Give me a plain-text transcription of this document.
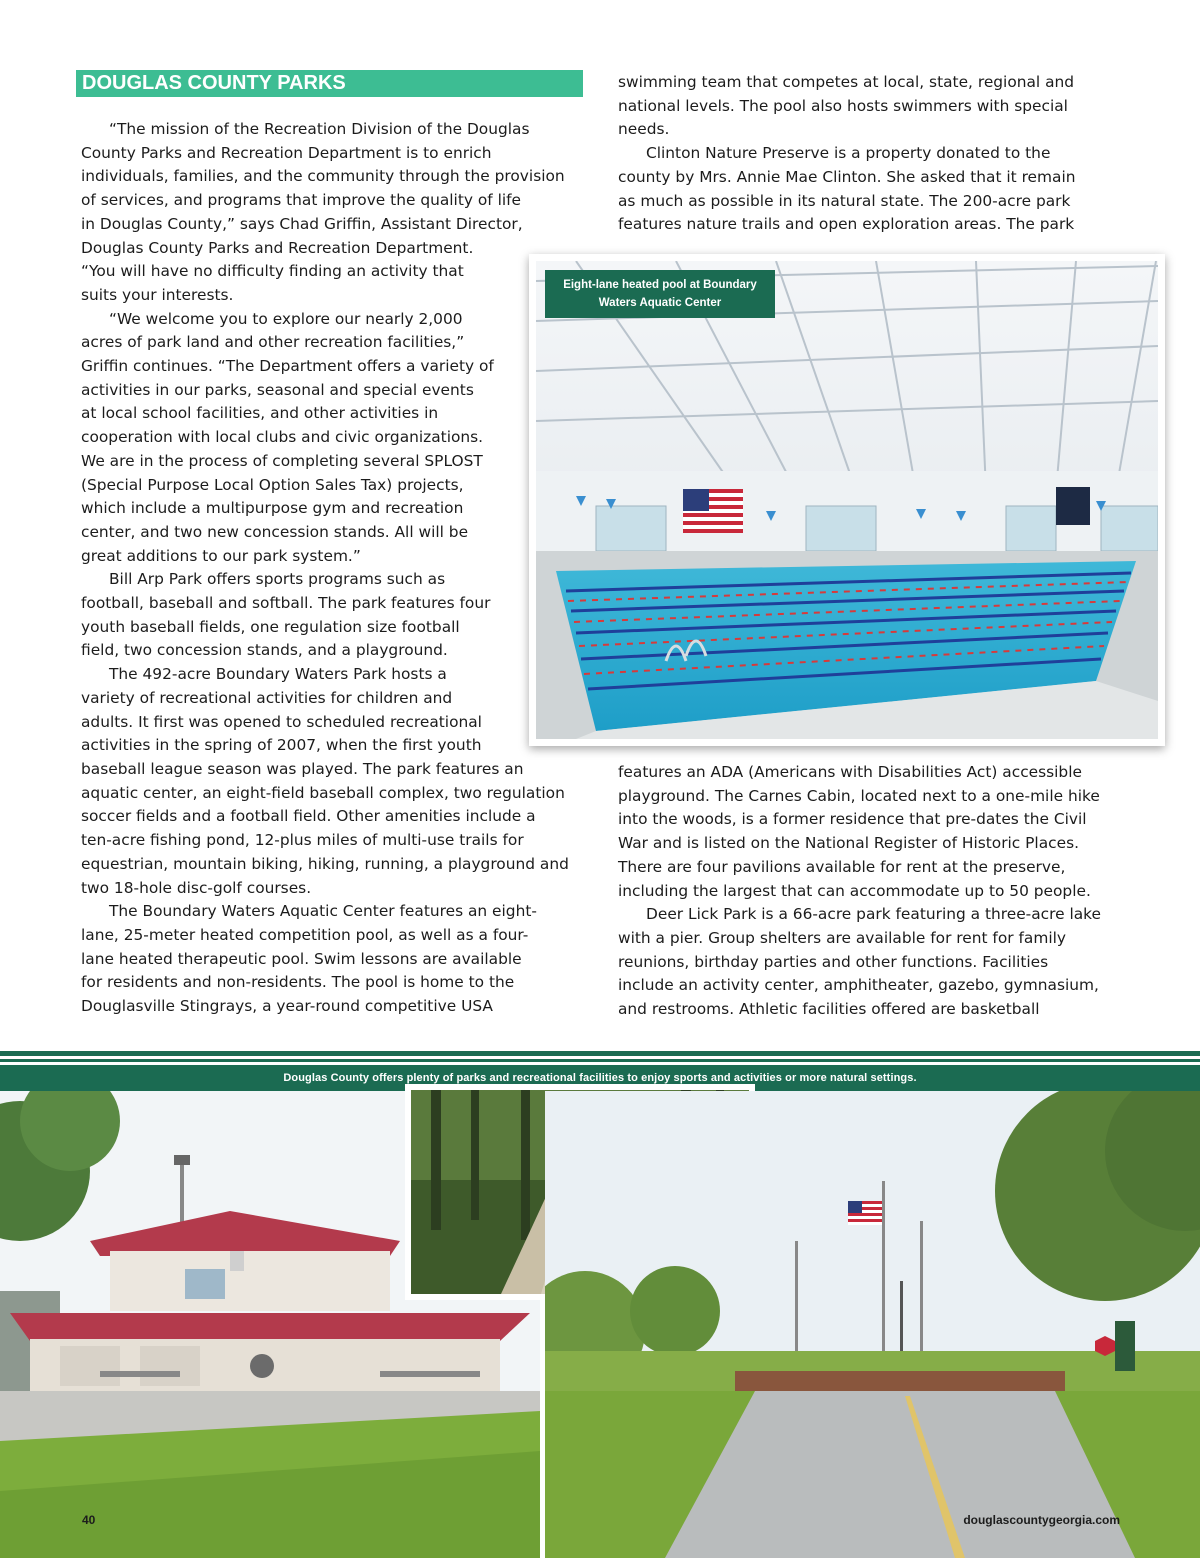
DOUGLAS COUNTY PARKS
“The mission of the Recreation Division of the Douglas
County Parks and Recreation Department is to enrich
individuals, families, and the community through the provision
of services, and programs that improve the quality of life
in Douglas County,” says Chad Griffin, Assistant Director,
Douglas County Parks and Recreation Department.
“You will have no difficulty finding an activity that
suits your interests.
“We welcome you to explore our nearly 2,000
acres of park land and other recreation facilities,”
Griffin continues. “The Department offers a variety of
activities in our parks, seasonal and special events
at local school facilities, and other activities in
cooperation with local clubs and civic organizations.
We are in the process of completing several SPLOST
(Special Purpose Local Option Sales Tax) projects,
which include a multipurpose gym and recreation
center, and two new concession stands. All will be
great additions to our park system.”
Bill Arp Park offers sports programs such as
football, baseball and softball. The park features four
youth baseball fields, one regulation size football
field, two concession stands, and a playground.
The 492-acre Boundary Waters Park hosts a
variety of recreational activities for children and
adults. It first was opened to scheduled recreational
activities in the spring of 2007, when the first youth
baseball league season was played. The park features an
aquatic center, an eight-field baseball complex, two regulation
soccer fields and a football field. Other amenities include a
ten-acre fishing pond, 12-plus miles of multi-use trails for
equestrian, mountain biking, hiking, running, a playground and
two 18-hole disc-golf courses.
The Boundary Waters Aquatic Center features an eight-
lane, 25-meter heated competition pool, as well as a four-
lane heated therapeutic pool. Swim lessons are available
for residents and non-residents. The pool is home to the
Douglasville Stingrays, a year-round competitive USA
swimming team that competes at local, state, regional and
national levels. The pool also hosts swimmers with special
needs.
Clinton Nature Preserve is a property donated to the
county by Mrs. Annie Mae Clinton. She asked that it remain
as much as possible in its natural state. The 200-acre park
features nature trails and open exploration areas. The park
features an ADA (Americans with Disabilities Act) accessible
playground. The Carnes Cabin, located next to a one-mile hike
into the woods, is a former residence that pre-dates the Civil
War and is listed on the National Register of Historic Places.
There are four pavilions available for rent at the preserve,
including the largest that can accommodate up to 50 people.
Deer Lick Park is a 66-acre park featuring a three-acre lake
with a pier. Group shelters are available for rent for family
reunions, birthday parties and other functions. Facilities
include an activity center, amphitheater, gazebo, gymnasium,
and restrooms. Athletic facilities offered are basketball
Eight-lane heated pool at Boundary Waters Aquatic Center
Douglas County offers plenty of parks and recreational facilities to enjoy sports and activities or more natural settings.
40	douglascountygeorgia.com
